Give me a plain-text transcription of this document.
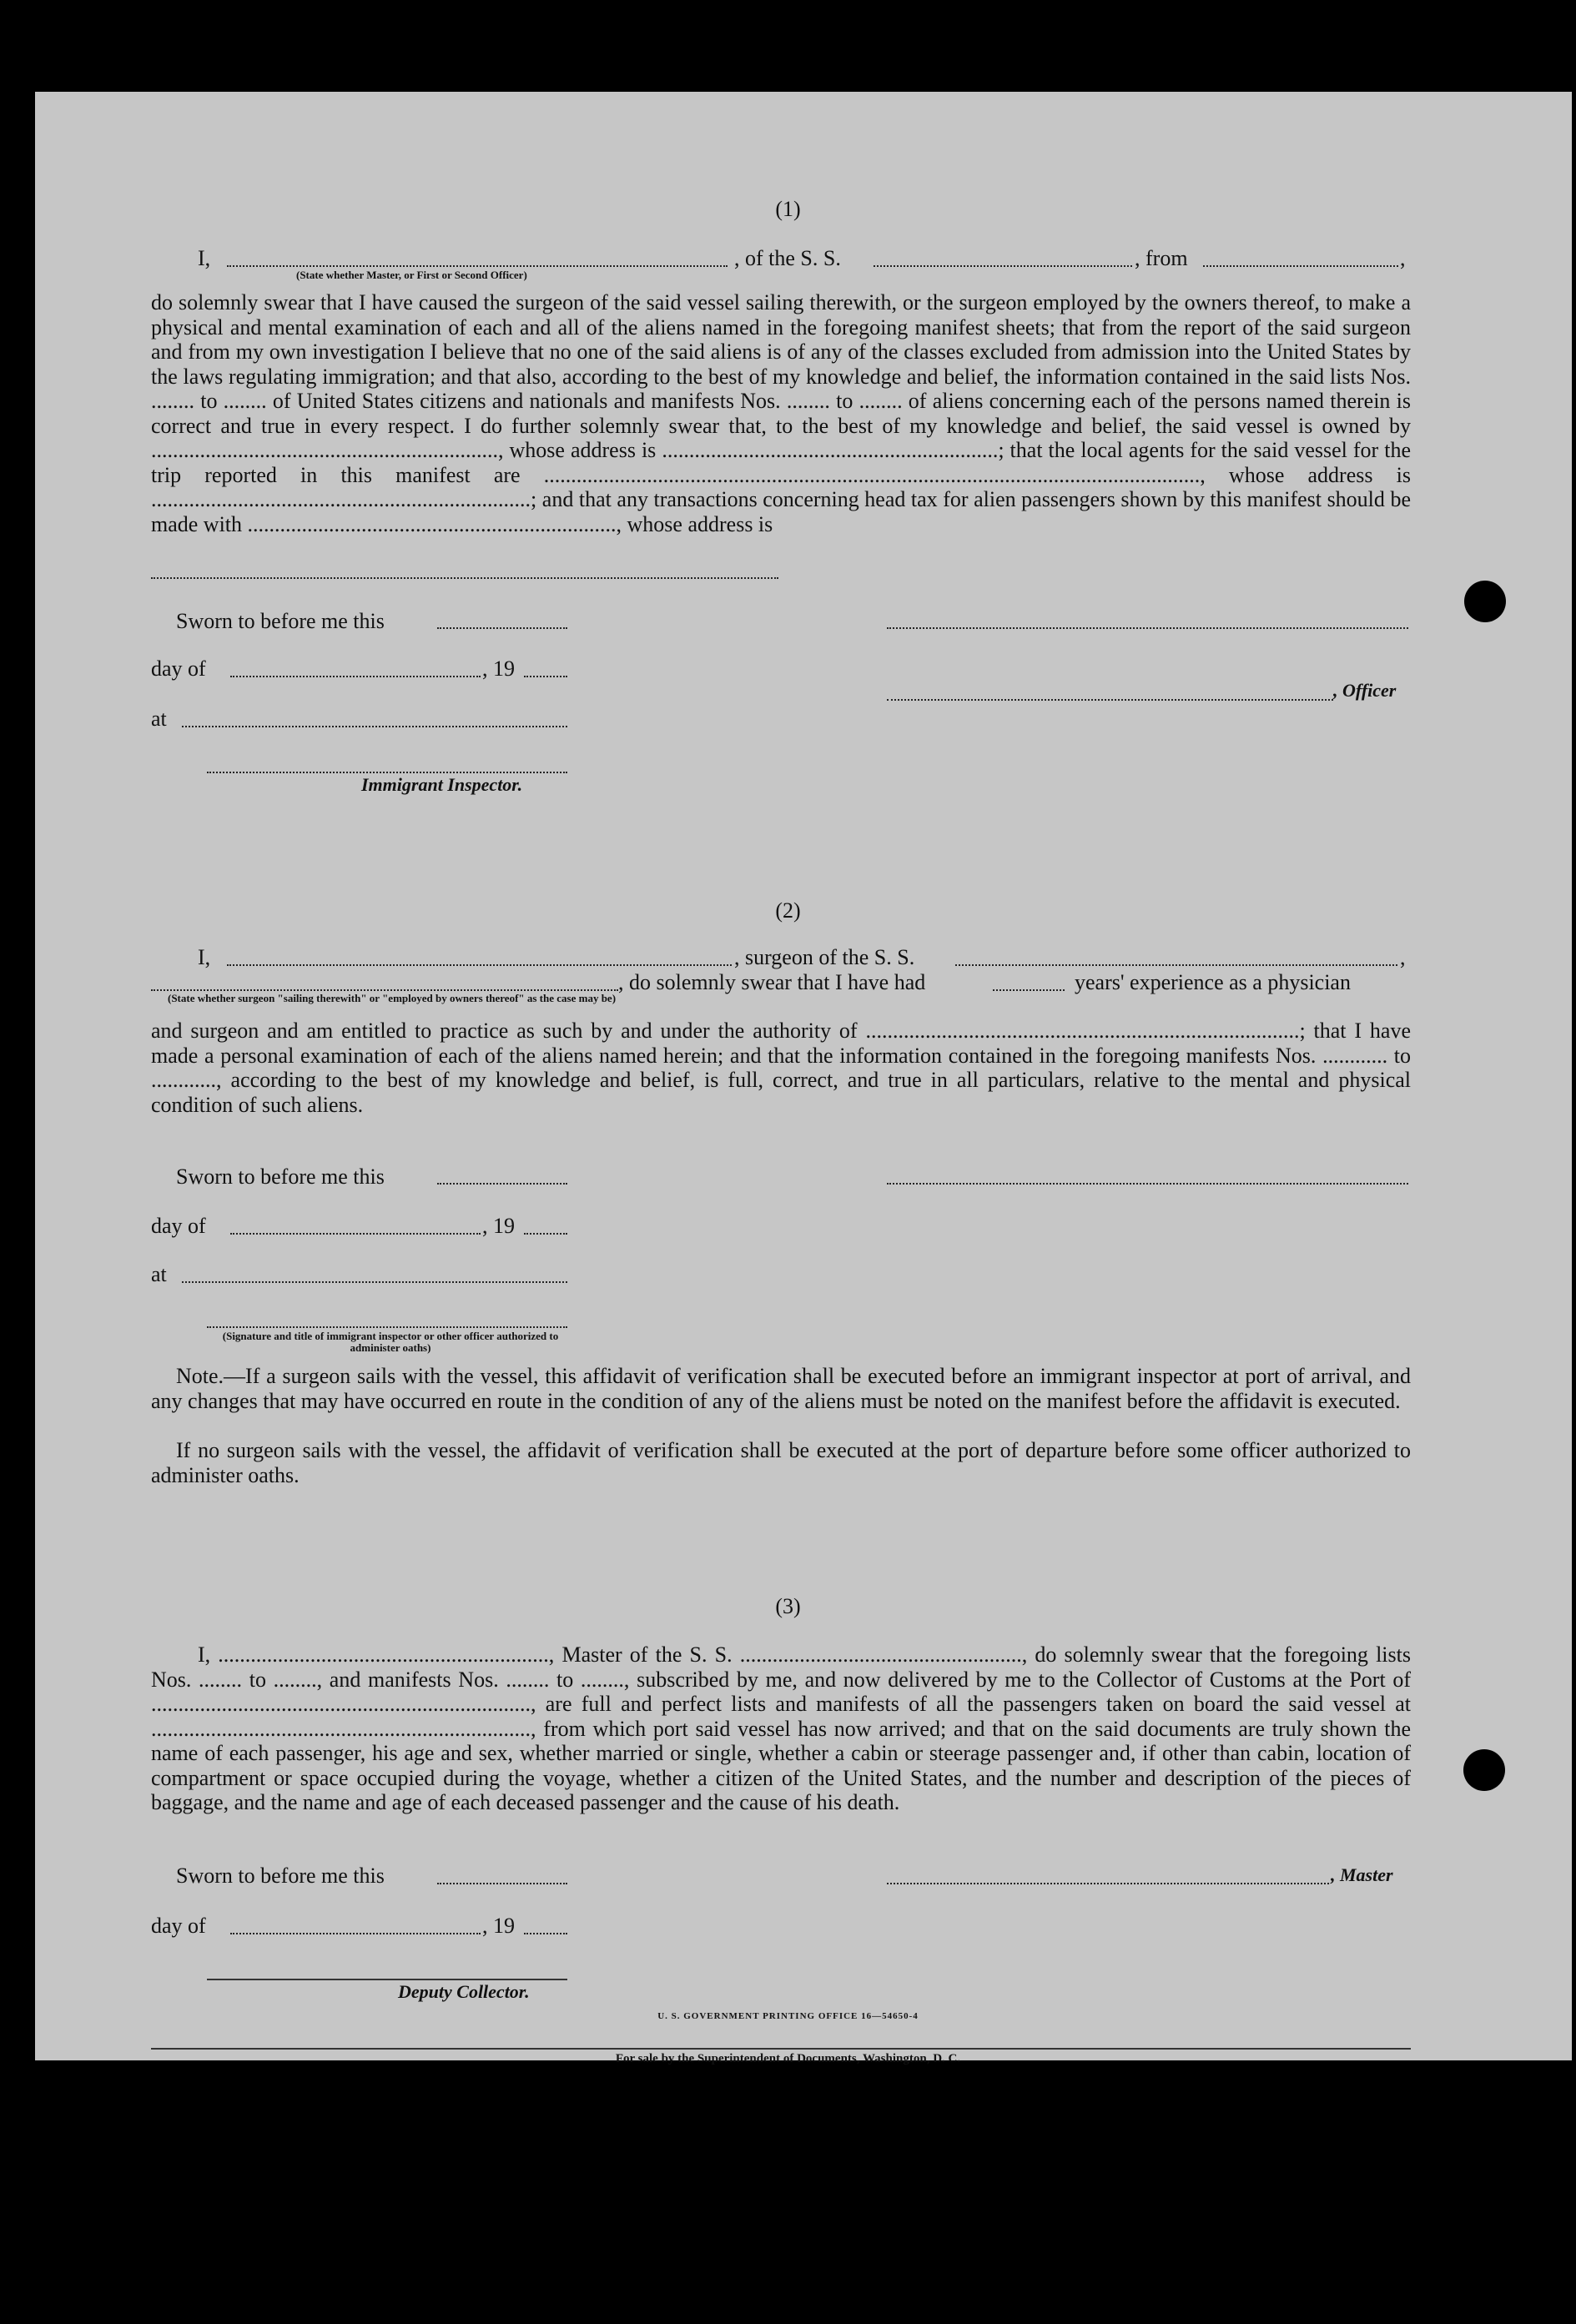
(1)
I,	, of the S. S.	, from	,
(State whether Master, or First or Second Officer)
do solemnly swear that I have caused the surgeon of the said vessel sailing therewith, or the surgeon employed by the owners thereof, to make a physical and mental examination of each and all of the aliens named in the foregoing manifest sheets; that from the report of the said surgeon and from my own investigation I believe that no one of the said aliens is of any of the classes excluded from admission into the United States by the laws regulating immigration; and that also, according to the best of my knowledge and belief, the information contained in the said lists Nos. ........ to ........ of United States citizens and nationals and manifests Nos. ........ to ........ of aliens concerning each of the persons named therein is correct and true in every respect. I do further solemnly swear that, to the best of my knowledge and belief, the said vessel is owned by ................................................................, whose address is ..............................................................; that the local agents for the said vessel for the trip reported in this manifest are ........................................................................................................................., whose address is ......................................................................; and that any transactions concerning head tax for alien passengers shown by this manifest should be made with ...................................................................., whose address is
Sworn to before me this
day of	, 19
at
Immigrant Inspector.
, Officer
(2)
I,	, surgeon of the S. S.	,
, do solemnly swear that I have had	years' experience as a physician
(State whether surgeon "sailing therewith" or "employed by owners thereof" as the case may be)
and surgeon and am entitled to practice as such by and under the authority of ................................................................................; that I have made a personal examination of each of the aliens named herein; and that the information contained in the foregoing manifests Nos. ............ to ............, according to the best of my knowledge and belief, is full, correct, and true in all particulars, relative to the mental and physical condition of such aliens.
Sworn to before me this
day of	, 19
at
(Signature and title of immigrant inspector or other officer authorized to administer oaths)
Note.—If a surgeon sails with the vessel, this affidavit of verification shall be executed before an immigrant inspector at port of arrival, and any changes that may have occurred en route in the condition of any of the aliens must be noted on the manifest before the affidavit is executed.
If no surgeon sails with the vessel, the affidavit of verification shall be executed at the port of departure before some officer authorized to administer oaths.
(3)
I, ............................................................., Master of the S. S. ...................................................., do solemnly swear that the foregoing lists Nos. ........ to ........, and manifests Nos. ........ to ........, subscribed by me, and now delivered by me to the Collector of Customs at the Port of ......................................................................, are full and perfect lists and manifests of all the passengers taken on board the said vessel at ......................................................................, from which port said vessel has now arrived; and that on the said documents are truly shown the name of each passenger, his age and sex, whether married or single, whether a cabin or steerage passenger and, if other than cabin, location of compartment or space occupied during the voyage, whether a citizen of the United States, and the number and description of the pieces of baggage, and the name and age of each deceased passenger and the cause of his death.
Sworn to before me this	, Master
day of	, 19
Deputy Collector.
U. S. GOVERNMENT PRINTING OFFICE 16—54650-4
For sale by the Superintendent of Documents, Washington, D. C.
